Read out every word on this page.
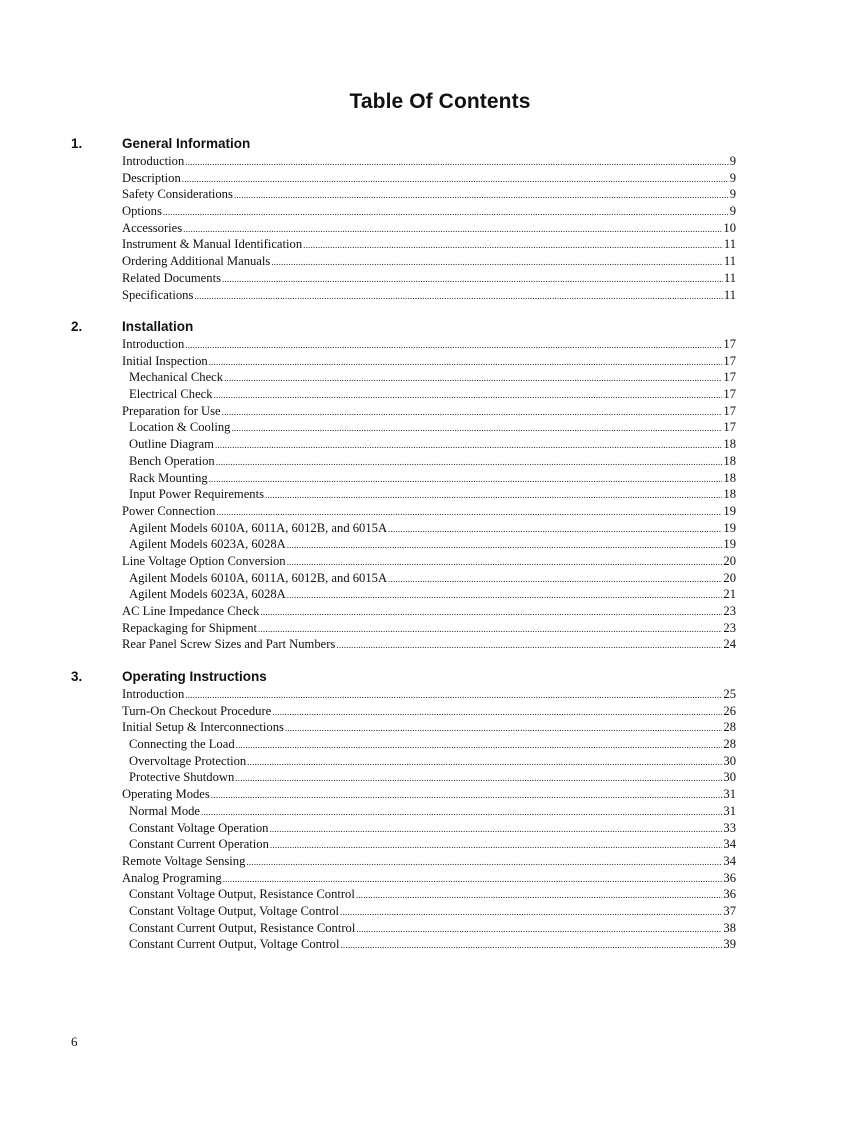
Table Of Contents
1.	General Information
Introduction .....	9
Description .....	9
Safety Considerations .....	9
Options .....	9
Accessories .....	10
Instrument & Manual Identification .....	11
Ordering Additional Manuals .....	11
Related Documents .....	11
Specifications .....	11
2.	Installation
Introduction .....	17
Initial Inspection .....	17
Mechanical Check .....	17
Electrical Check .....	17
Preparation for Use .....	17
Location & Cooling .....	17
Outline Diagram .....	18
Bench Operation .....	18
Rack Mounting .....	18
Input Power Requirements .....	18
Power Connection .....	19
Agilent Models 6010A, 6011A, 6012B, and 6015A .....	19
Agilent Models 6023A, 6028A .....	19
Line Voltage Option Conversion .....	20
Agilent Models 6010A, 6011A, 6012B, and 6015A .....	20
Agilent Models 6023A, 6028A .....	21
AC Line Impedance Check .....	23
Repackaging for Shipment .....	23
Rear Panel Screw Sizes and Part Numbers .....	24
3.	Operating Instructions
Introduction .....	25
Turn-On Checkout Procedure .....	26
Initial Setup & Interconnections .....	28
Connecting the Load .....	28
Overvoltage Protection .....	30
Protective Shutdown .....	30
Operating Modes .....	31
Normal Mode .....	31
Constant Voltage Operation .....	33
Constant Current Operation .....	34
Remote Voltage Sensing .....	34
Analog Programing .....	36
Constant Voltage Output, Resistance Control .....	36
Constant Voltage Output, Voltage Control .....	37
Constant Current Output, Resistance Control .....	38
Constant Current Output, Voltage Control .....	39
6
